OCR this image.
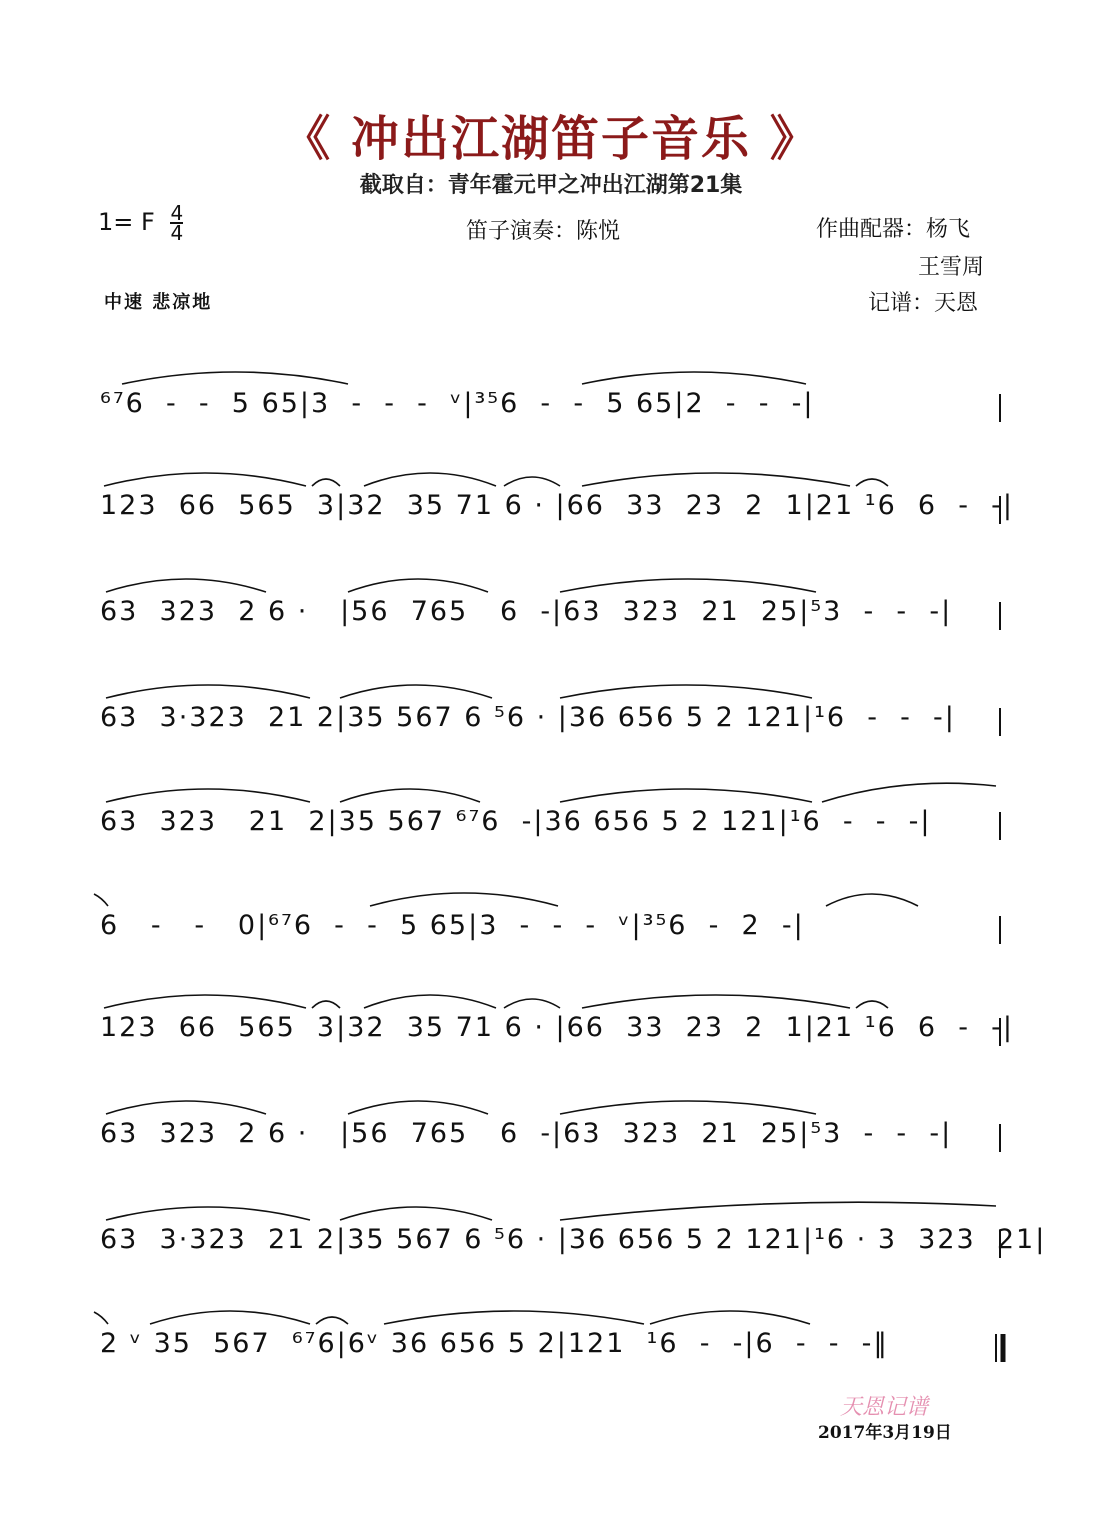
《 冲出江湖笛子音乐 》
截取自：青年霍元甲之冲出江湖第21集
1= F $\frac{4}{4}$	笛子演奏：陈悦	作曲配器：杨飞
王雪周
记谱：天恩
中速 悲凉地
⁶⁷6  -  -  5 65|3  -  -  -  ᵛ|³⁵6  -  -  5 65|2  -  -  -|
123  66  565  3|32  35 71 6 · |66  33  23  2  1|21 ¹6  6  -  -|
63  323  2 6 ·   |56  765   6  -|63  323  21  25|⁵3  -  -  -|
63  3·323  21 2|35 567 6 ⁵6 · |36 656 5 2 121|¹6  -  -  -|
63  323   21  2|35 567 ⁶⁷6  -|36 656 5 2 121|¹6  -  -  -|
6   -   -   0|⁶⁷6  -  -  5 65|3  -  -  -  ᵛ|³⁵6  -  2  -|
123  66  565  3|32  35 71 6 · |66  33  23  2  1|21 ¹6  6  -  -|
63  323  2 6 ·   |56  765   6  -|63  323  21  25|⁵3  -  -  -|
63  3·323  21 2|35 567 6 ⁵6 · |36 656 5 2 121|¹6 · 3  323  21|
2 ᵛ 35  567  ⁶⁷6|6ᵛ 36 656 5 2|121  ¹6  -  -|6  -  -  -‖
天恩记谱
2017年3月19日
